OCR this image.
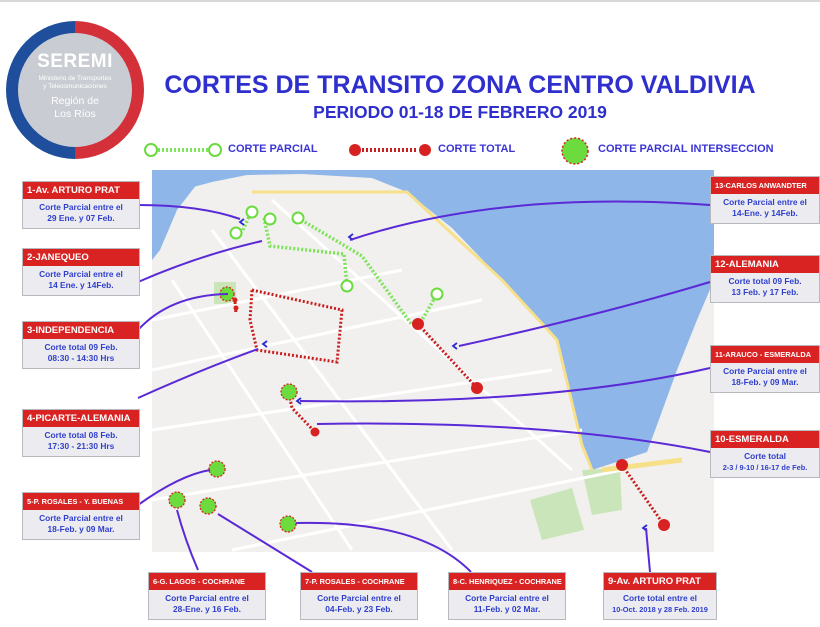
SEREMI
Ministerio de Transportes
y Telecomunicaciones
Región de
Los Ríos
CORTES DE TRANSITO ZONA CENTRO VALDIVIA
PERIODO 01-18 DE FEBRERO 2019
CORTE PARCIAL	CORTE TOTAL	CORTE PARCIAL INTERSECCION
1-Av. ARTURO PRAT
Corte Parcial entre el
29 Ene. y 07 Feb.
2-JANEQUEO
Corte Parcial entre el
14 Ene. y 14Feb.
3-INDEPENDENCIA
Corte total 09 Feb.
08:30 - 14:30 Hrs
4-PICARTE-ALEMANIA
Corte total 08 Feb.
17:30 - 21:30 Hrs
5-P. ROSALES - Y. BUENAS
Corte Parcial entre el
18-Feb. y 09 Mar.
6-G. LAGOS - COCHRANE
Corte Parcial entre el
28-Ene. y 16 Feb.
7-P. ROSALES - COCHRANE
Corte Parcial entre el
04-Feb. y 23 Feb.
8-C. HENRIQUEZ - COCHRANE
Corte Parcial entre el
11-Feb. y 02 Mar.
9-Av. ARTURO PRAT
Corte total entre el
10-Oct. 2018 y 28 Feb. 2019
10-ESMERALDA
Corte total
2-3 / 9-10 / 16-17 de Feb.
11-ARAUCO - ESMERALDA
Corte Parcial entre el
18-Feb. y 09 Mar.
12-ALEMANIA
Corte total 09 Feb.
13 Feb. y 17 Feb.
13-CARLOS ANWANDTER
Corte Parcial entre el
14-Ene. y 14Feb.
